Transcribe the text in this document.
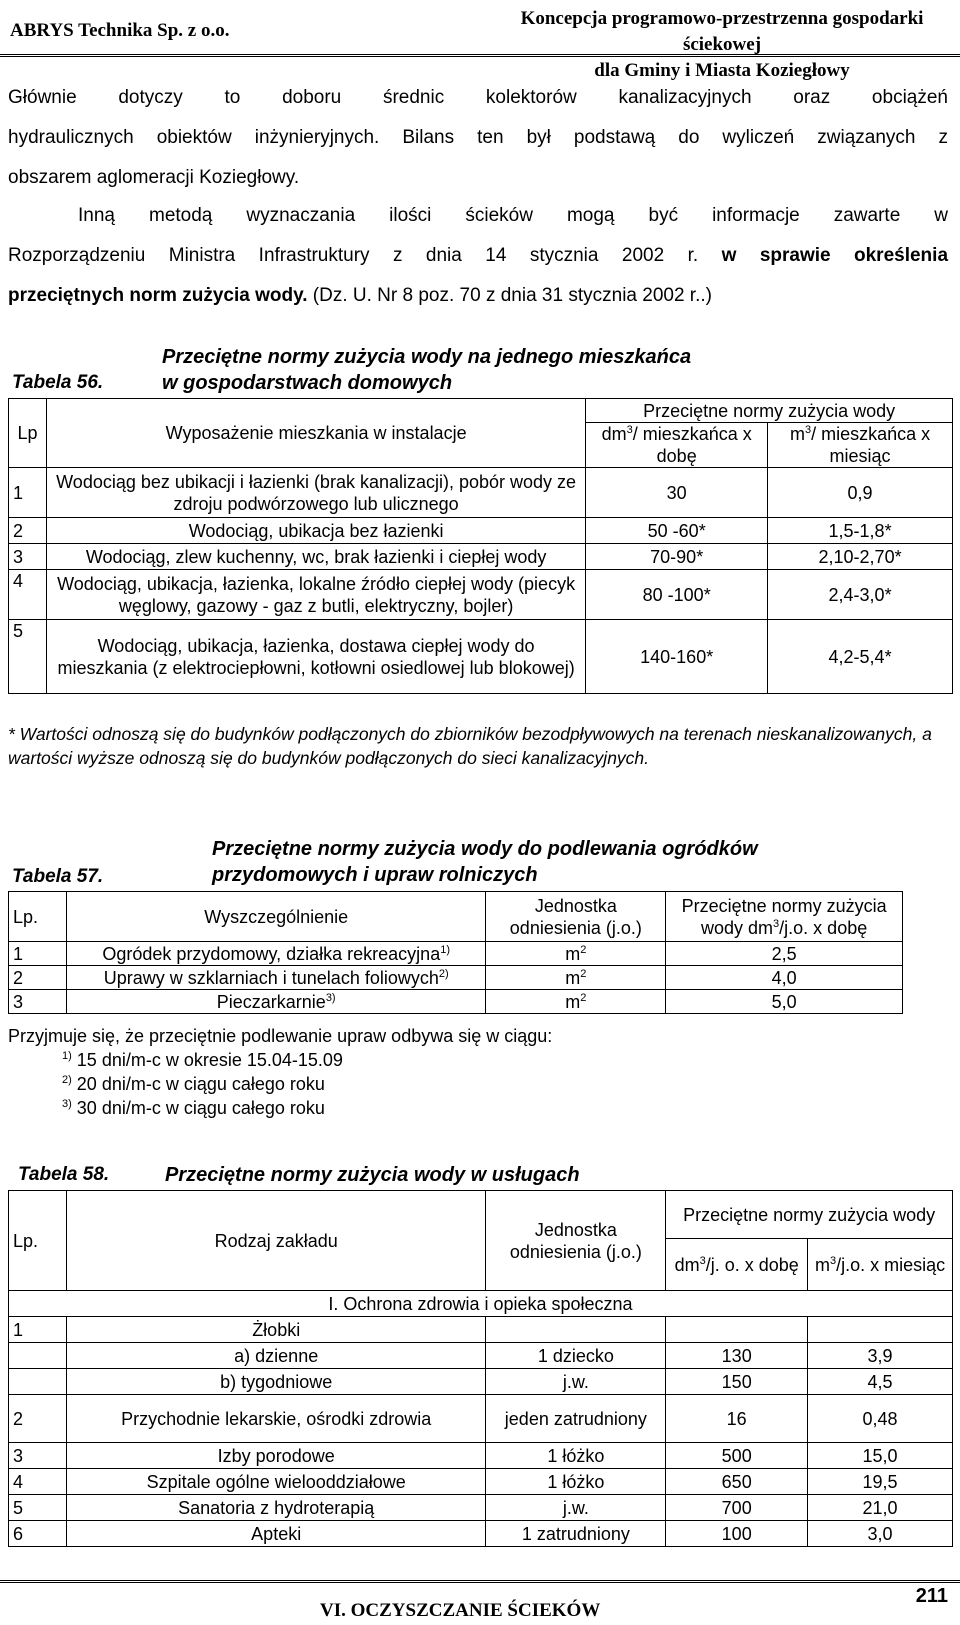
ABRYS Technika Sp. z o.o.
Koncepcja programowo-przestrzenna gospodarki ściekowej
dla Gminy i Miasta Koziegłowy
Głównie dotyczy to doboru średnic kolektorów kanalizacyjnych oraz obciążeń
hydraulicznych obiektów inżynieryjnych. Bilans ten był podstawą do wyliczeń związanych z
obszarem aglomeracji Koziegłowy.
Inną metodą wyznaczania ilości ścieków mogą być informacje zawarte w
Rozporządzeniu Ministra Infrastruktury z dnia 14 stycznia 2002 r. w sprawie określenia
przeciętnych norm zużycia wody. (Dz. U. Nr 8 poz. 70 z dnia 31 stycznia 2002 r..)
Tabela 56.
Przeciętne normy zużycia wody na jednego mieszkańca
w gospodarstwach domowych
Lp	Wyposażenie mieszkania w instalacje	Przeciętne normy zużycia wody	
		$dm^3/$ mieszkańca x dobę	$m^3/$ mieszkańca x miesiąc
1	Wodociąg bez ubikacji i łazienki (brak kanalizacji), pobór wody ze zdroju podwórzowego lub ulicznego	30	0,9
2	Wodociąg, ubikacja bez łazienki	50 -60*	1,5-1,8*
3	Wodociąg, zlew kuchenny, wc, brak łazienki i ciepłej wody	70-90*	2,10-2,70*
4	Wodociąg, ubikacja, łazienka, lokalne źródło ciepłej wody (piecyk węglowy, gazowy - gaz z butli, elektryczny, bojler)	80 -100*	2,4-3,0*
5	Wodociąg, ubikacja, łazienka, dostawa ciepłej wody do mieszkania (z elektrociepłowni, kotłowni osiedlowej lub blokowej)	140-160*	4,2-5,4*
* Wartości odnoszą się do budynków podłączonych do zbiorników bezodpływowych na terenach nieskanalizowanych, a wartości wyższe odnoszą się do budynków podłączonych do sieci kanalizacyjnych.
Tabela 57.
Przeciętne normy zużycia wody do podlewania ogródków
przydomowych i upraw rolniczych
Lp.	Wyszczególnienie	Jednostka odniesienia (j.o.)	Przeciętne normy zużycia wody $dm^3/j.o$. x dobę
1	Ogródek przydomowy, działka rekreacyjna$^{1)}$	$m^2$	2,5
2	Uprawy w szklarniach i tunelach foliowych$^{2)}$	$m^2$	4,0
3	Pieczarkarnie$^{3)}$	$m^2$	5,0
Przyjmuje się, że przeciętnie podlewanie upraw odbywa się w ciągu:
$^{1)}$ 15 dni/m-c w okresie 15.04-15.09
$^{2)}$ 20 dni/m-c w ciągu całego roku
$^{3)}$ 30 dni/m-c w ciągu całego roku
Tabela 58.	Przeciętne normy zużycia wody w usługach
Lp.	Rodzaj zakładu	Jednostka odniesienia (j.o.)	Przeciętne normy zużycia wody	
			$dm^3/j$. o. x dobę	$m^3/j.o$. x miesiąc
I. Ochrona zdrowia i opieka społeczna				
1	Żłobki			
	a) dzienne	1 dziecko	130	3,9
	b) tygodniowe	j.w.	150	4,5
2	Przychodnie lekarskie, ośrodki zdrowia	jeden zatrudniony	16	0,48
3	Izby porodowe	1 łóżko	500	15,0
4	Szpitale ogólne wielooddziałowe	1 łóżko	650	19,5
5	Sanatoria z hydroterapią	j.w.	700	21,0
6	Apteki	1 zatrudniony	100	3,0
VI. OCZYSZCZANIE ŚCIEKÓW
211
